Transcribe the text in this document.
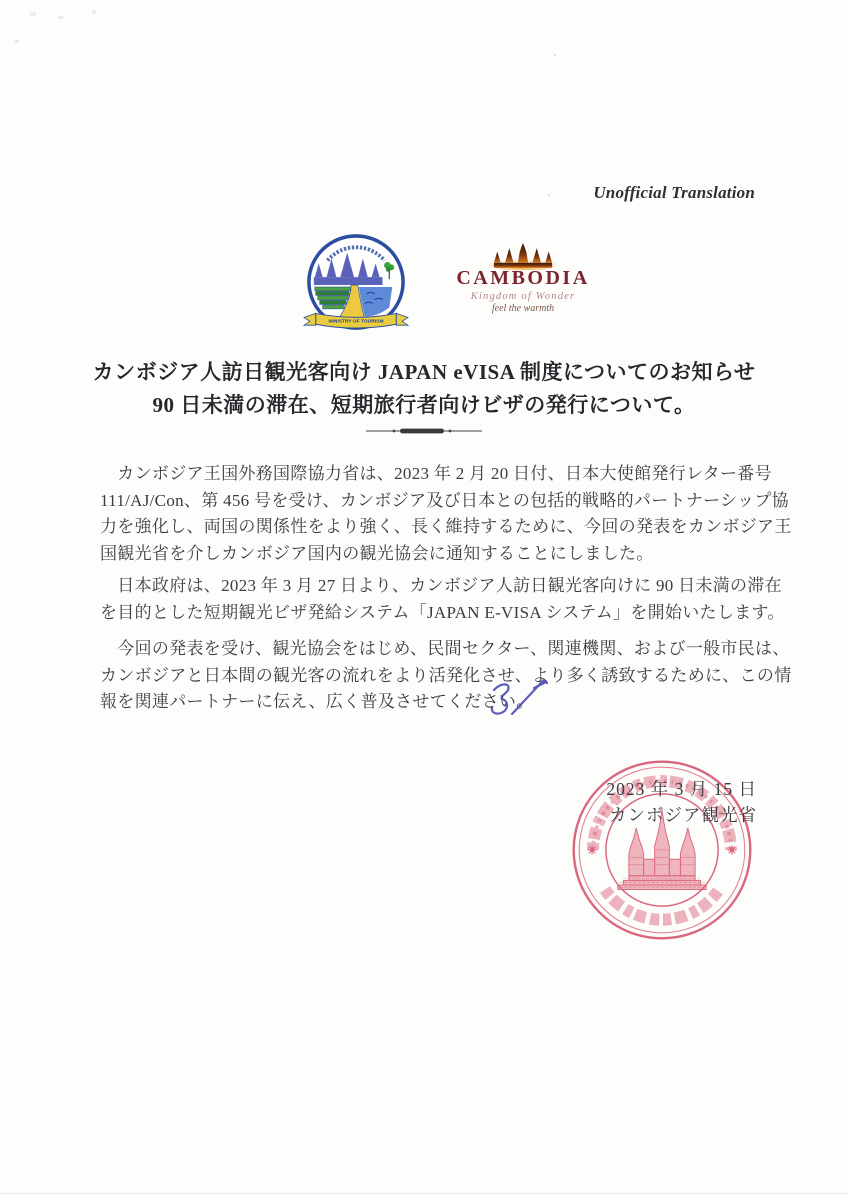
Unofficial Translation
MINISTRY OF TOURISM
CAMBODIA
Kingdom of Wonder
feel the warmth
カンボジア人訪日観光客向け JAPAN eVISA 制度についてのお知らせ
90 日未満の滞在、短期旅行者向けビザの発行について。
　カンボジア王国外務国際協力省は、2023 年 2 月 20 日付、日本大使館発行レター番号
111/AJ/Con、第 456 号を受け、カンボジア及び日本との包括的戦略的パートナーシップ協
力を強化し、両国の関係性をより強く、長く維持するために、今回の発表をカンボジア王
国観光省を介しカンボジア国内の観光協会に通知することにしました。
　日本政府は、2023 年 3 月 27 日より、カンボジア人訪日観光客向けに 90 日未満の滞在
を目的とした短期観光ビザ発給システム「JAPAN E-VISA システム」を開始いたします。
　今回の発表を受け、観光協会をはじめ、民間セクター、関連機関、および一般市民は、
カンボジアと日本間の観光客の流れをより活発化させ、より多く誘致するために、この情
報を関連パートナーに伝え、広く普及させてください。
2023 年 3 月 15 日
カンボジア観光省
